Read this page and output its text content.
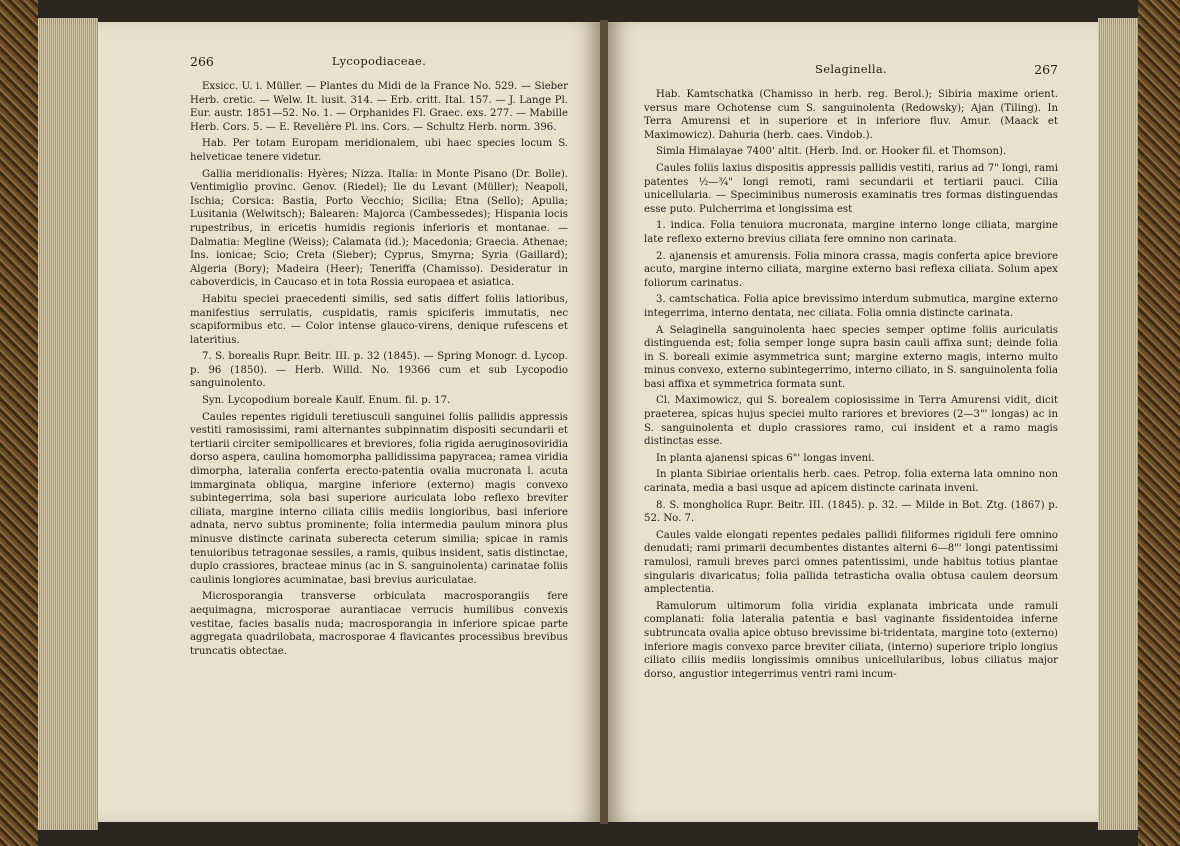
266	Lycopodiaceae.

Exsicc. U. i. Müller. — Plantes du Midi de la France No. 529. — Sieber Herb. cretic. — Welw. It. lusit. 314. — Erb. critt. Ital. 157. — J. Lange Pl. Eur. austr. 1851—52. No. 1. — Orphanides Fl. Graec. exs. 277. — Mabille Herb. Cors. 5. — E. Revelière Pl. ins. Cors. — Schultz Herb. norm. 396.

Hab. Per totam Europam meridionalem, ubi haec species locum S. helveticae tenere videtur.

Gallia meridionalis: Hyères; Nizza. Italia: in Monte Pisano (Dr. Bolle). Ventimiglio provinc. Genov. (Riedel); Ile du Levant (Müller); Neapoli, Ischia; Corsica: Bastia, Porto Vecchio; Sicilia; Etna (Sello); Apulia; Lusitania (Welwitsch); Balearen: Majorca (Cambessedes); Hispania locis rupestribus, in ericetis humidis regionis inferioris et montanae. — Dalmatia: Megline (Weiss); Calamata (id.); Macedonia; Graecia. Athenae; Ins. ionicae; Scio; Creta (Sieber); Cyprus, Smyrna; Syria (Gaillard); Algeria (Bory); Madeira (Heer); Teneriffa (Chamisso). Desideratur in caboverdicis, in Caucaso et in tota Rossia europaea et asiatica.

Habitu speciei praecedenti similis, sed satis differt foliis latioribus, manifestius serrulatis, cuspidatis, ramis spiciferis immutatis, nec scapiformibus etc. — Color intense glauco-virens, denique rufescens et lateritius.

7. S. borealis Rupr. Beitr. III. p. 32 (1845). — Spring Monogr. d. Lycop. p. 96 (1850). — Herb. Willd. No. 19366 cum et sub Lycopodio sanguinolento.

Syn. Lycopodium boreale Kaulf. Enum. fil. p. 17.

Caules repentes rigiduli teretiusculi sanguinei foliis pallidis appressis vestiti ramosissimi, rami alternantes subpinnatim dispositi secundarii et tertiarii circiter semipollicares et breviores, folia rigida aeruginosoviridia dorso aspera, caulina homomorpha pallidissima papyracea; ramea viridia dimorpha, lateralia conferta erecto-patentia ovalia mucronata l. acuta immarginata obliqua, margine inferiore (externo) magis convexo subintegerrima, sola basi superiore auriculata lobo reflexo breviter ciliata, margine interno ciliata ciliis mediis longioribus, basi inferiore adnata, nervo subtus prominente; folia intermedia paulum minora plus minusve distincte carinata suberecta ceterum similia; spicae in ramis tenuioribus tetragonae sessiles, a ramis, quibus insident, satis distinctae, duplo crassiores, bracteae minus (ac in S. sanguinolenta) carinatae foliis caulinis longiores acuminatae, basi brevius auriculatae.

Microsporangia transverse orbiculata macrosporangiis fere aequimagna, microsporae aurantiacae verrucis humilibus convexis vestitae, facies basalis nuda; macrosporangia in inferiore spicae parte aggregata quadrilobata, macrosporae 4 flavicantes processibus brevibus truncatis obtectae.

Selaginella.	267

Hab. Kamtschatka (Chamisso in herb. reg. Berol.); Sibiria maxime orient. versus mare Ochotense cum S. sanguinolenta (Redowsky); Ajan (Tiling). In Terra Amurensi et in superiore et in inferiore fluv. Amur. (Maack et Maximowicz). Dahuria (herb. caes. Vindob.).

Simla Himalayae 7400' altit. (Herb. Ind. or. Hooker fil. et Thomson).

Caules foliis laxius dispositis appressis pallidis vestiti, rarius ad 7" longi, rami patentes ½—¾" longi remoti, rami secundarii et tertiarii pauci. Cilia unicellularia. — Speciminibus numerosis examinatis tres formas distinguendas esse puto. Pulcherrima et longissima est

1. indica. Folia tenuiora mucronata, margine interno longe ciliata, margine late reflexo externo brevius ciliata fere omnino non carinata.

2. ajanensis et amurensis. Folia minora crassa, magis conferta apice breviore acuto, margine interno ciliata, margine externo basi reflexa ciliata. Solum apex foliorum carinatus.

3. camtschatica. Folia apice brevissimo interdum submutica, margine externo integerrima, interno dentata, nec ciliata. Folia omnia distincte carinata.

A Selaginella sanguinolenta haec species semper optime foliis auriculatis distinguenda est; folia semper longe supra basin cauli affixa sunt; deinde folia in S. boreali eximie asymmetrica sunt; margine externo magis, interno multo minus convexo, externo subintegerrimo, interno ciliato, in S. sanguinolenta folia basi affixa et symmetrica formata sunt.

Cl. Maximowicz, qui S. borealem copiosissime in Terra Amurensi vidit, dicit praeterea, spicas hujus speciei multo rariores et breviores (2—3"' longas) ac in S. sanguinolenta et duplo crassiores ramo, cui insident et a ramo magis distinctas esse.

In planta ajanensi spicas 6"' longas inveni.

In planta Sibiriae orientalis herb. caes. Petrop. folia externa lata omnino non carinata, media a basi usque ad apicem distincte carinata inveni.

8. S. mongholica Rupr. Beitr. III. (1845). p. 32. — Milde in Bot. Ztg. (1867) p. 52. No. 7.

Caules valde elongati repentes pedales pallidi filiformes rigiduli fere omnino denudati; rami primarii decumbentes distantes alterni 6—8"' longi patentissimi ramulosi, ramuli breves parci omnes patentissimi, unde habitus totius plantae singularis divaricatus; folia pallida tetrasticha ovalia obtusa caulem deorsum amplectentia.

Ramulorum ultimorum folia viridia explanata imbricata unde ramuli complanati: folia lateralia patentia e basi vaginante fissidentoidea inferne subtruncata ovalia apice obtuso brevissime bi-tridentata, margine toto (externo) inferiore magis convexo parce breviter ciliata, (interno) superiore triplo longius ciliato ciliis mediis longissimis omnibus unicellularibus, lobus ciliatus major dorso, angustior integerrimus ventri rami incum-
